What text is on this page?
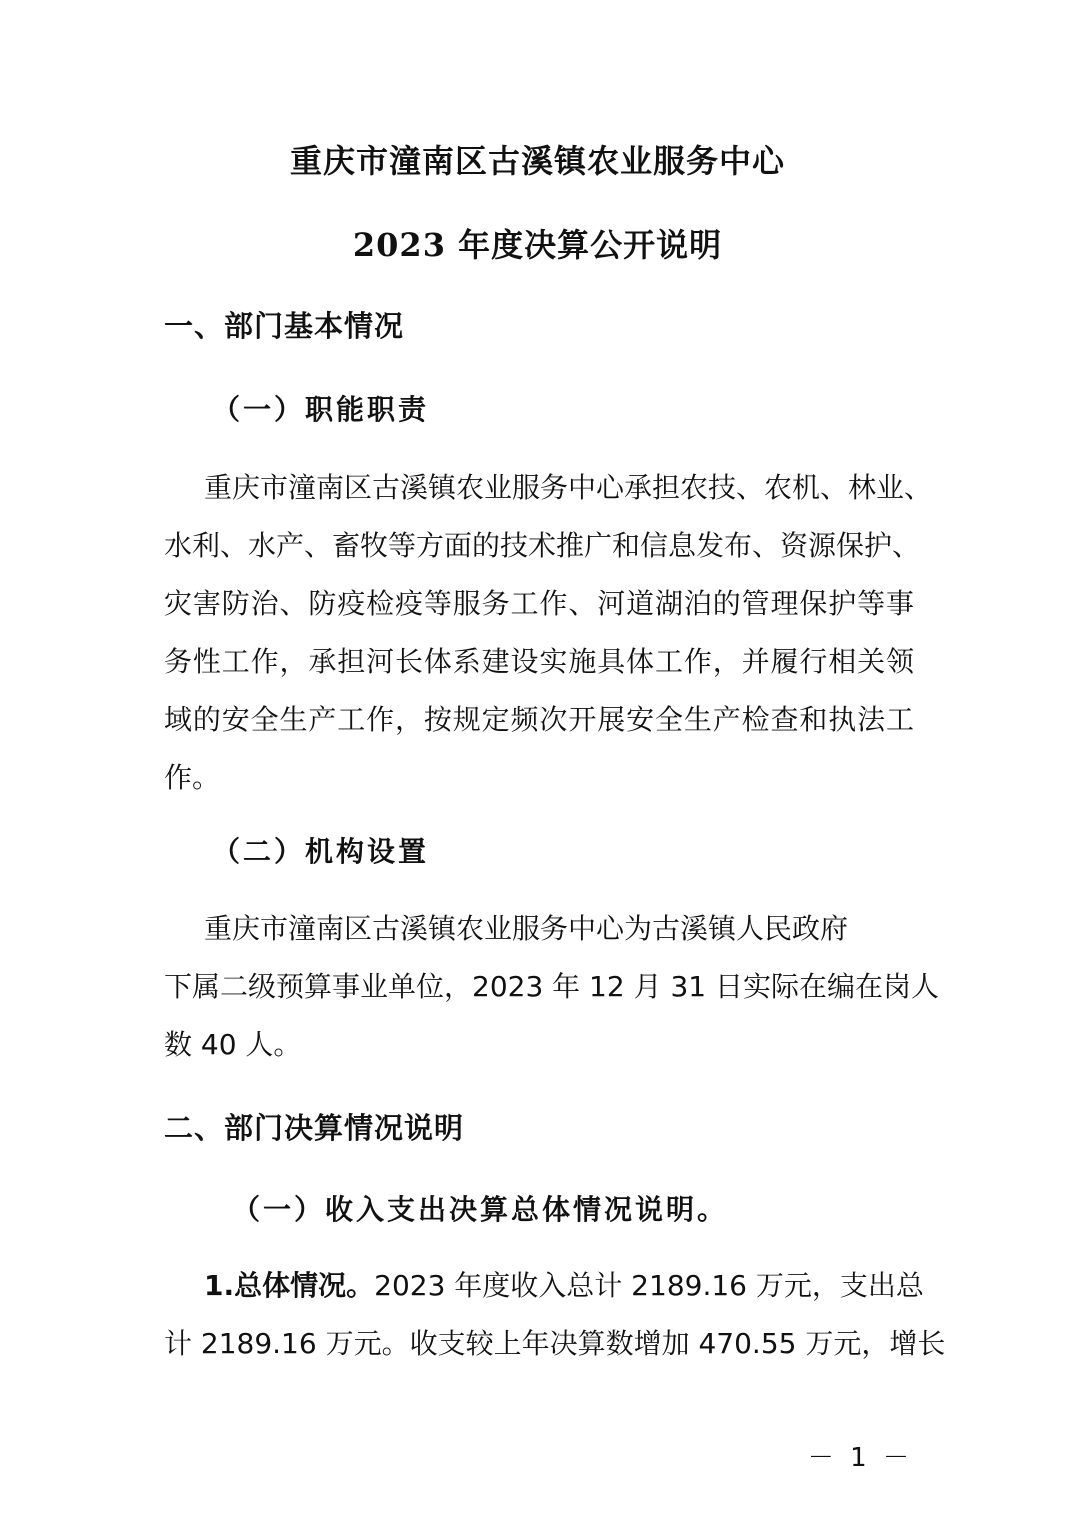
重庆市潼南区古溪镇农业服务中心
2023 年度决算公开说明
一、部门基本情况
（一）职能职责
重庆市潼南区古溪镇农业服务中心承担农技、农机、林业、
水利、水产、畜牧等方面的技术推广和信息发布、资源保护、
灾害防治、防疫检疫等服务工作、河道湖泊的管理保护等事
务性工作，承担河长体系建设实施具体工作，并履行相关领
域的安全生产工作，按规定频次开展安全生产检查和执法工
作。
（二）机构设置
重庆市潼南区古溪镇农业服务中心为古溪镇人民政府
下属二级预算事业单位，2023 年 12 月 31 日实际在编在岗人
数 40 人。
二、部门决算情况说明
（一）收入支出决算总体情况说明。
1.总体情况。2023 年度收入总计 2189.16 万元，支出总
计 2189.16 万元。收支较上年决算数增加 470.55 万元，增长
－ 1 －
